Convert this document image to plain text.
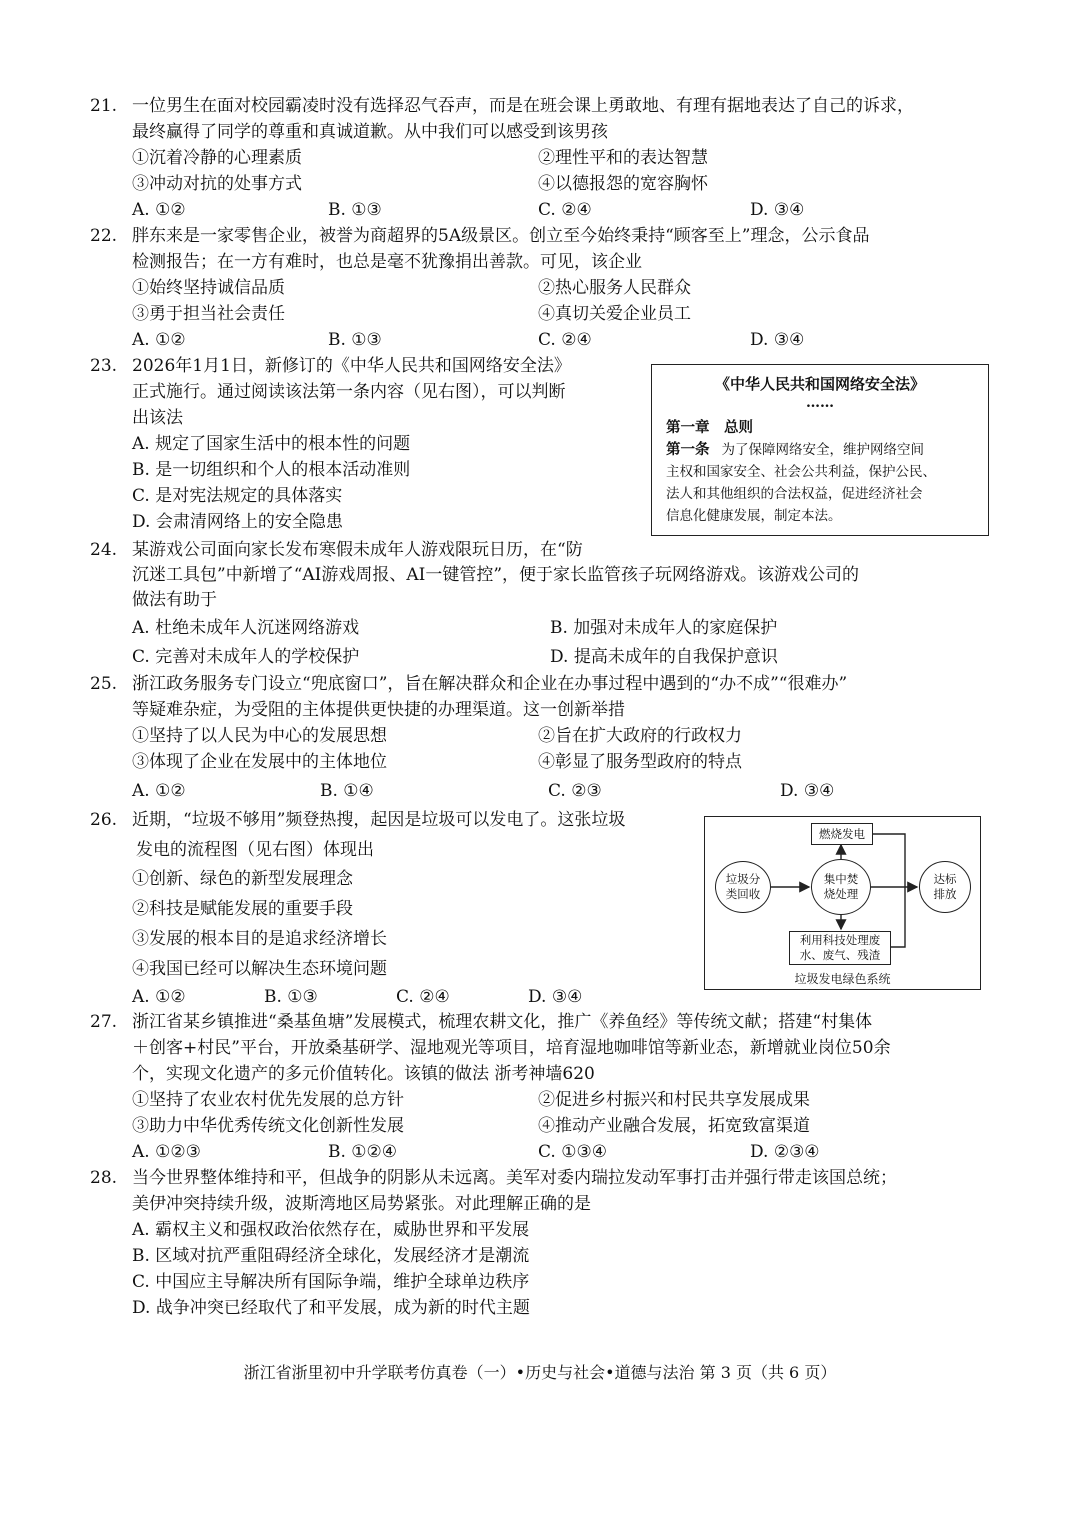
21. 一位男生在面对校园霸凌时没有选择忍气吞声，而是在班会课上勇敢地、有理有据地表达了自己的诉求，
最终赢得了同学的尊重和真诚道歉。从中我们可以感受到该男孩
①沉着冷静的心理素质	②理性平和的表达智慧
③冲动对抗的处事方式	④以德报怨的宽容胸怀
A. ①②	B. ①③	C. ②④	D. ③④
22. 胖东来是一家零售企业，被誉为商超界的5A级景区。创立至今始终秉持“顾客至上”理念，公示食品
检测报告；在一方有难时，也总是毫不犹豫捐出善款。可见，该企业
①始终坚持诚信品质	②热心服务人民群众
③勇于担当社会责任	④真切关爱企业员工
A. ①②	B. ①③	C. ②④	D. ③④
23. 2026年1月1日，新修订的《中华人民共和国网络安全法》
正式施行。通过阅读该法第一条内容（见右图），可以判断
出该法
A. 规定了国家生活中的根本性的问题
B. 是一切组织和个人的根本活动准则
C. 是对宪法规定的具体落实
D. 会肃清网络上的安全隐患
《中华人民共和国网络安全法》
……
第一章　总则
第一条 为了保障网络安全，维护网络空间
主权和国家安全、社会公共利益，保护公民、
法人和其他组织的合法权益，促进经济社会
信息化健康发展，制定本法。
24. 某游戏公司面向家长发布寒假未成年人游戏限玩日历，在“防
沉迷工具包”中新增了“AI游戏周报、AI一键管控”，便于家长监管孩子玩网络游戏。该游戏公司的
做法有助于
A. 杜绝未成年人沉迷网络游戏	B. 加强对未成年人的家庭保护
C. 完善对未成年人的学校保护	D. 提高未成年的自我保护意识
25. 浙江政务服务专门设立“兜底窗口”，旨在解决群众和企业在办事过程中遇到的“办不成”“很难办”
等疑难杂症，为受阻的主体提供更快捷的办理渠道。这一创新举措
①坚持了以人民为中心的发展思想	②旨在扩大政府的行政权力
③体现了企业在发展中的主体地位	④彰显了服务型政府的特点
A. ①②	B. ①④	C. ②③	D. ③④
26. 近期，“垃圾不够用”频登热搜，起因是垃圾可以发电了。这张垃圾
发电的流程图（见右图）体现出
①创新、绿色的新型发展理念
②科技是赋能发展的重要手段
③发展的根本目的是追求经济增长
④我国已经可以解决生态环境问题
A. ①②	B. ①③	C. ②④	D. ③④
燃烧发电
垃圾分
类回收
集中焚
烧处理
达标
排放
利用科技处理废
水、废气、残渣
垃圾发电绿色系统
27. 浙江省某乡镇推进“桑基鱼塘”发展模式，梳理农耕文化，推广《养鱼经》等传统文献；搭建“村集体
＋创客+村民”平台，开放桑基研学、湿地观光等项目，培育湿地咖啡馆等新业态，新增就业岗位50余
个，实现文化遗产的多元价值转化。该镇的做法 浙考神墙620
①坚持了农业农村优先发展的总方针	②促进乡村振兴和村民共享发展成果
③助力中华优秀传统文化创新性发展	④推动产业融合发展，拓宽致富渠道
A. ①②③	B. ①②④	C. ①③④	D. ②③④
28. 当今世界整体维持和平，但战争的阴影从未远离。美军对委内瑞拉发动军事打击并强行带走该国总统；
美伊冲突持续升级，波斯湾地区局势紧张。对此理解正确的是
A. 霸权主义和强权政治依然存在，威胁世界和平发展
B. 区域对抗严重阻碍经济全球化，发展经济才是潮流
C. 中国应主导解决所有国际争端，维护全球单边秩序
D. 战争冲突已经取代了和平发展，成为新的时代主题
浙江省浙里初中升学联考仿真卷（一）•历史与社会•道德与法治 第 3 页（共 6 页）
